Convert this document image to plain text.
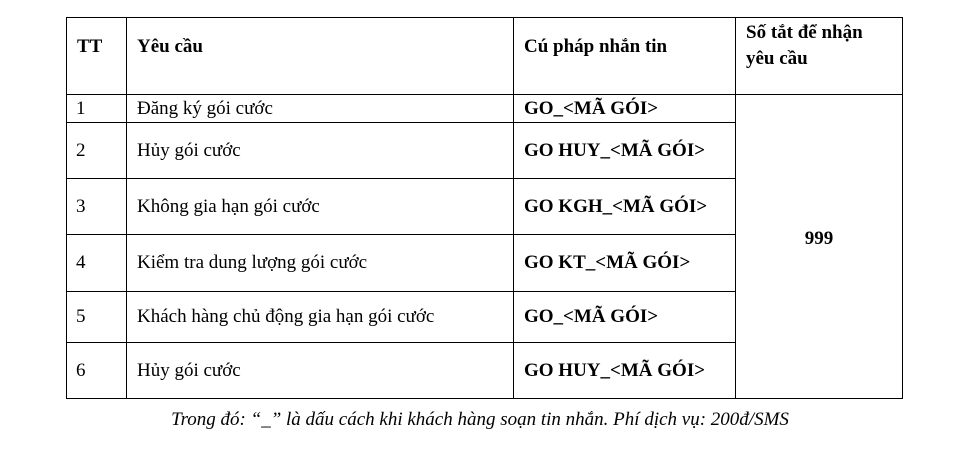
TT	Yêu cầu	Cú pháp nhắn tin	Số tắt để nhận yêu cầu
1	Đăng ký gói cước	GO_<MÃ GÓI>	999
2	Hủy gói cước	GO HUY_<MÃ GÓI>	
3	Không gia hạn gói cước	GO KGH_<MÃ GÓI>	
4	Kiểm tra dung lượng gói cước	GO KT_<MÃ GÓI>	
5	Khách hàng chủ động gia hạn gói cước	GO_<MÃ GÓI>	
6	Hủy gói cước	GO HUY_<MÃ GÓI>	
Trong đó: “_” là dấu cách khi khách hàng soạn tin nhắn. Phí dịch vụ: 200đ/SMS
